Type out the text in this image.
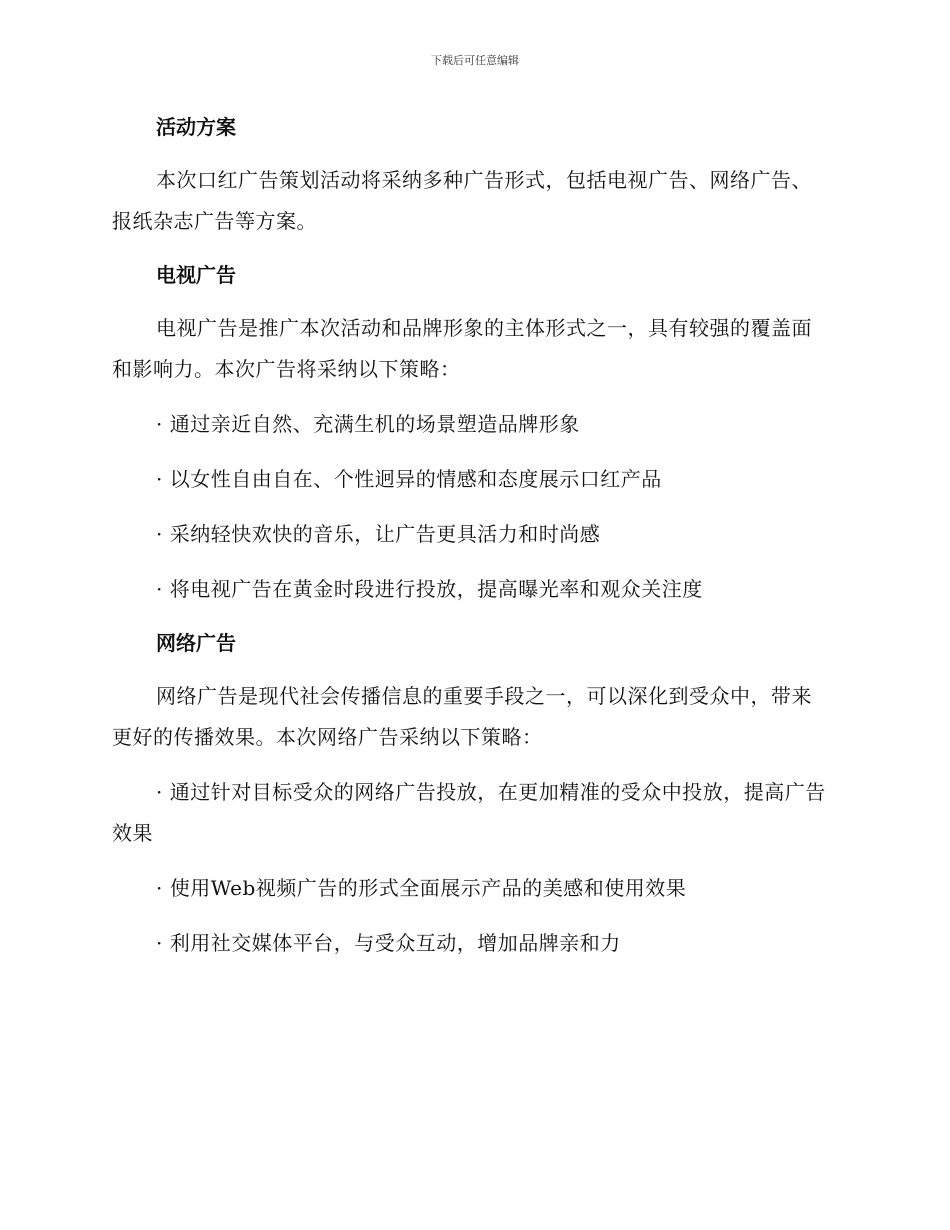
下载后可任意编辑
活动方案

本次口红广告策划活动将采纳多种广告形式，包括电视广告、网络广告、报纸杂志广告等方案。

电视广告

电视广告是推广本次活动和品牌形象的主体形式之一，具有较强的覆盖面和影响力。本次广告将采纳以下策略：

· 通过亲近自然、充满生机的场景塑造品牌形象

· 以女性自由自在、个性迥异的情感和态度展示口红产品

· 采纳轻快欢快的音乐，让广告更具活力和时尚感

· 将电视广告在黄金时段进行投放，提高曝光率和观众关注度

网络广告

网络广告是现代社会传播信息的重要手段之一，可以深化到受众中，带来更好的传播效果。本次网络广告采纳以下策略：

· 通过针对目标受众的网络广告投放，在更加精准的受众中投放，提高广告效果

· 使用Web视频广告的形式全面展示产品的美感和使用效果

· 利用社交媒体平台，与受众互动，增加品牌亲和力
